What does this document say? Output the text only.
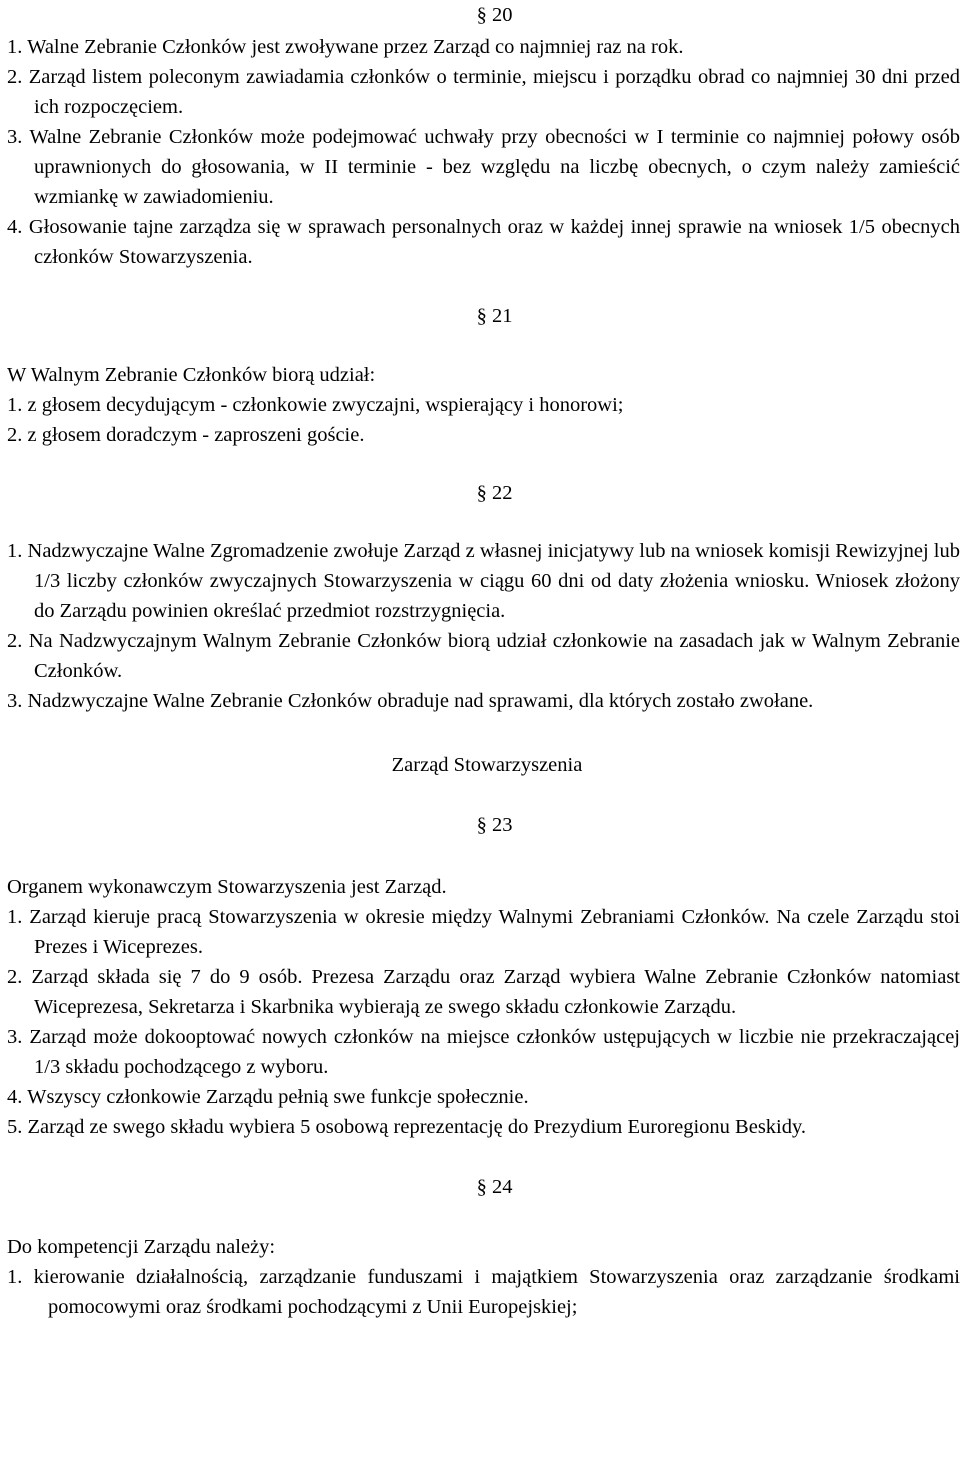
§ 20

1. Walne Zebranie Członków jest zwoływane przez Zarząd co najmniej raz na rok.

2. Zarząd listem poleconym zawiadamia członków o terminie, miejscu i porządku obrad co najmniej 30 dni przed ich rozpoczęciem.

3. Walne Zebranie Członków może podejmować uchwały przy obecności w I terminie co najmniej połowy osób uprawnionych do głosowania, w II terminie - bez względu na liczbę obecnych, o czym należy zamieścić wzmiankę w zawiadomieniu.

4. Głosowanie tajne zarządza się w sprawach personalnych oraz w każdej innej sprawie na wniosek 1/5 obecnych członków Stowarzyszenia.

§ 21

W Walnym Zebranie Członków biorą udział:

1. z głosem decydującym - członkowie zwyczajni, wspierający i honorowi;

2. z głosem doradczym - zaproszeni goście.

§ 22

1. Nadzwyczajne Walne Zgromadzenie zwołuje Zarząd z własnej inicjatywy lub na wniosek komisji Rewizyjnej lub 1/3 liczby członków zwyczajnych Stowarzyszenia w ciągu 60 dni od daty złożenia wniosku. Wniosek złożony do Zarządu powinien określać przedmiot rozstrzygnięcia.

2. Na Nadzwyczajnym Walnym Zebranie Członków biorą udział członkowie na zasadach jak w Walnym Zebranie Członków.

3. Nadzwyczajne Walne Zebranie Członków obraduje nad sprawami, dla których zostało zwołane.

Zarząd Stowarzyszenia
§ 23

Organem wykonawczym Stowarzyszenia jest Zarząd.

1. Zarząd kieruje pracą Stowarzyszenia w okresie między Walnymi Zebraniami Członków. Na czele Zarządu stoi Prezes i Wiceprezes.

2. Zarząd składa się 7 do 9 osób. Prezesa Zarządu oraz Zarząd wybiera Walne Zebranie Członków natomiast Wiceprezesa, Sekretarza i Skarbnika wybierają ze swego składu członkowie Zarządu.

3. Zarząd może dokooptować nowych członków na miejsce członków ustępujących w liczbie nie przekraczającej 1/3 składu pochodzącego z wyboru.

4. Wszyscy członkowie Zarządu pełnią swe funkcje społecznie.

5. Zarząd ze swego składu wybiera 5 osobową reprezentację do Prezydium Euroregionu Beskidy.

§ 24

Do kompetencji Zarządu należy:

1. kierowanie działalnością, zarządzanie funduszami i majątkiem Stowarzyszenia oraz zarządzanie środkami pomocowymi oraz środkami pochodzącymi z Unii Europejskiej;
